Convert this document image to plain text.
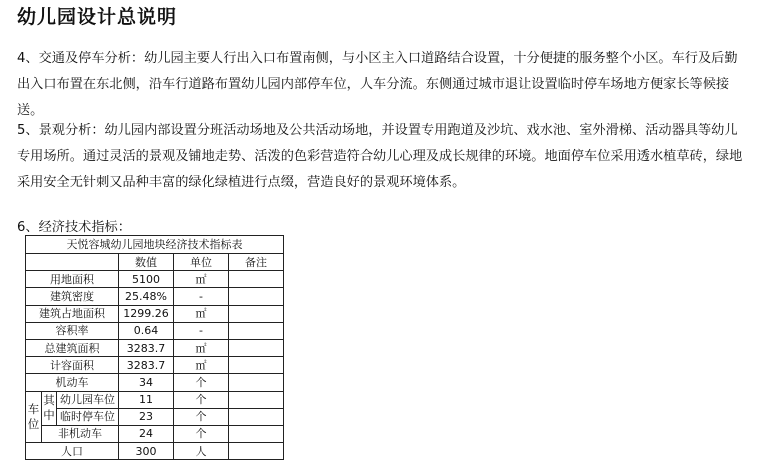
幼儿园设计总说明

4、交通及停车分析：幼儿园主要人行出入口布置南侧，与小区主入口道路结合设置，十分便捷的服务整个小区。车行及后勤出入口布置在东北侧，沿车行道路布置幼儿园内部停车位，人车分流。东侧通过城市退让设置临时停车场地方便家长等候接送。

5、景观分析：幼儿园内部设置分班活动场地及公共活动场地，并设置专用跑道及沙坑、戏水池、室外滑梯、活动器具等幼儿专用场所。通过灵活的景观及铺地走势、活泼的色彩营造符合幼儿心理及成长规律的环境。地面停车位采用透水植草砖，绿地采用安全无针刺又品种丰富的绿化绿植进行点缀，营造良好的景观环境体系。

6、经济技术指标：
天悦容城幼儿园地块经济技术指标表					
			数值	单位	备注
用地面积			5100	㎡	
建筑密度			25.48%	-	
建筑占地面积			1299.26	㎡	
容积率			0.64	-	
总建筑面积			3283.7	㎡	
计容面积			3283.7	㎡	
机动车			34	个	
车位	其中	幼儿园车位	11	个	
		临时停车位	23	个	
	非机动车		24	个	
人口			300	人	
